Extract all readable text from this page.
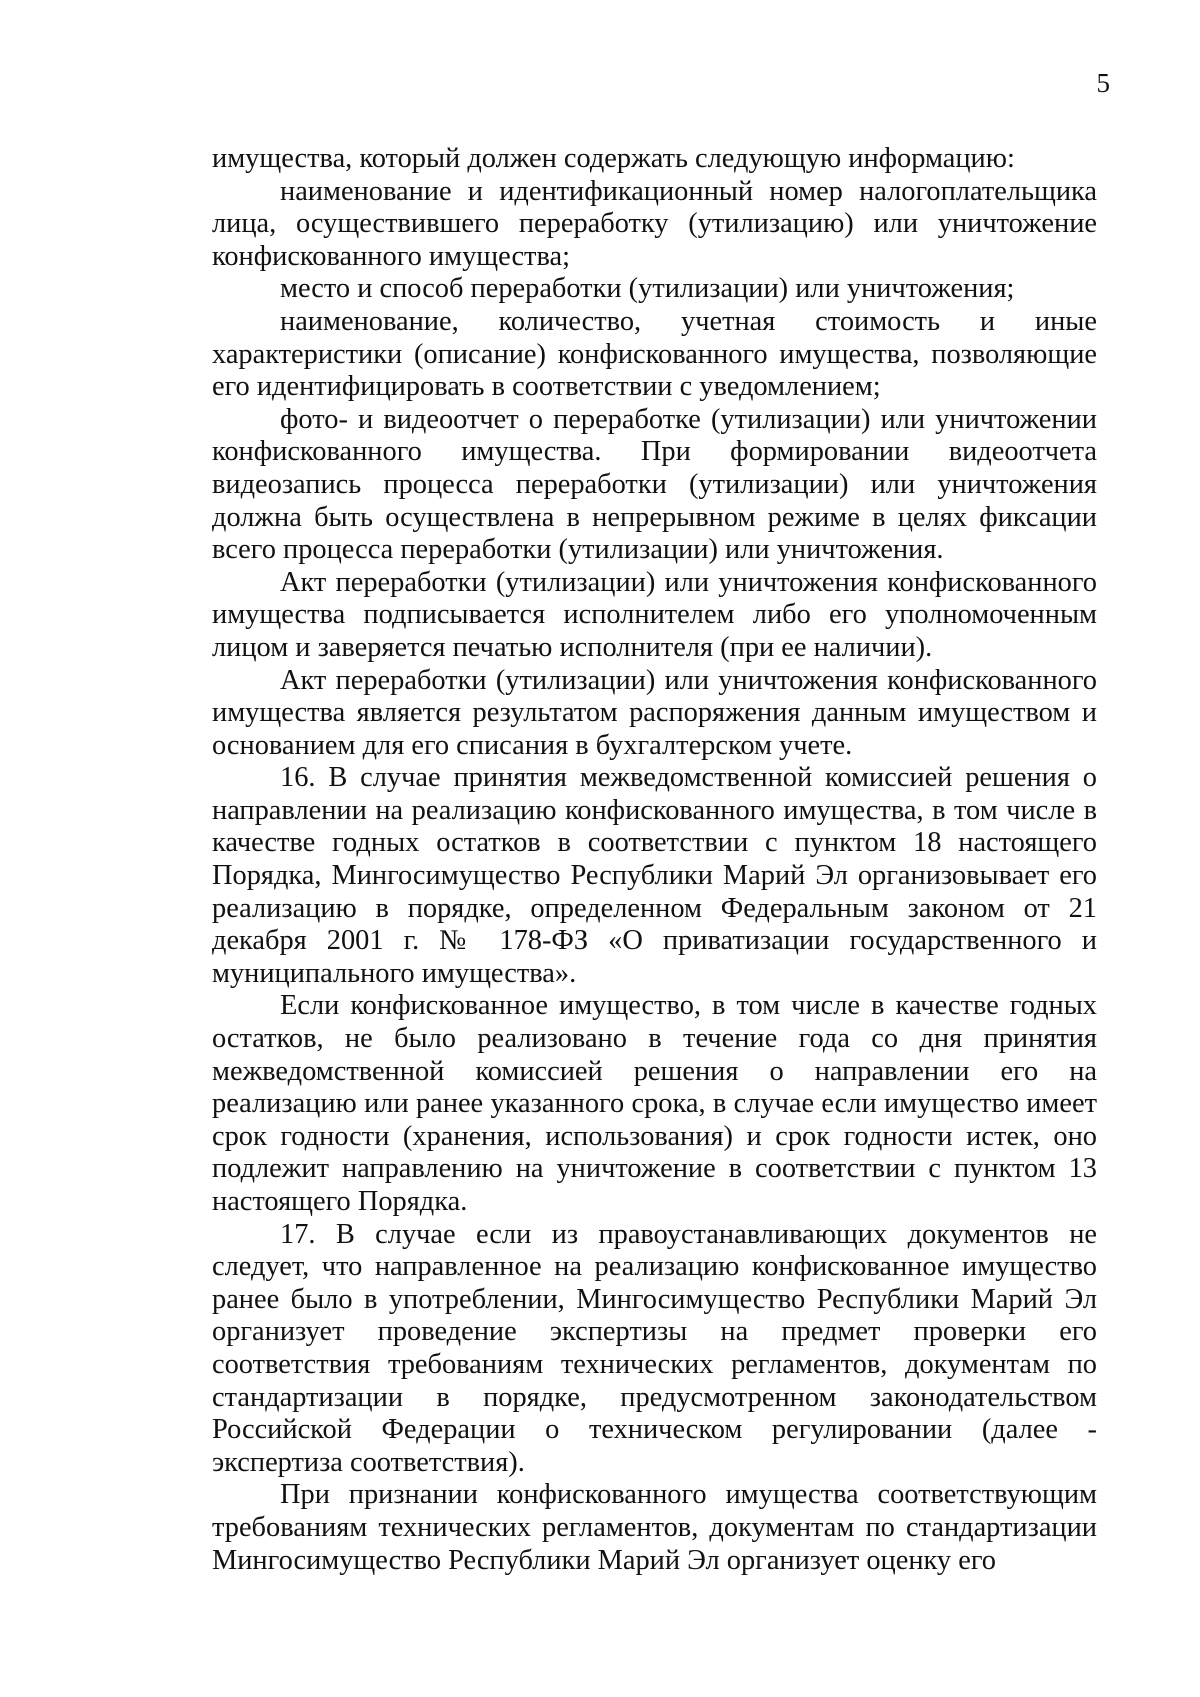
5

имущества, который должен содержать следующую информацию:

наименование и идентификационный номер налогоплательщика лица, осуществившего переработку (утилизацию) или уничтожение конфискованного имущества;

место и способ переработки (утилизации) или уничтожения;

наименование, количество, учетная стоимость и иные характеристики (описание) конфискованного имущества, позволяющие его идентифицировать в соответствии с уведомлением;

фото- и видеоотчет о переработке (утилизации) или уничтожении конфискованного имущества. При формировании видеоотчета видеозапись процесса переработки (утилизации) или уничтожения должна быть осуществлена в непрерывном режиме в целях фиксации всего процесса переработки (утилизации) или уничтожения.

Акт переработки (утилизации) или уничтожения конфискованного имущества подписывается исполнителем либо его уполномоченным лицом и заверяется печатью исполнителя (при ее наличии).

Акт переработки (утилизации) или уничтожения конфискованного имущества является результатом распоряжения данным имуществом и основанием для его списания в бухгалтерском учете.

16. В случае принятия межведомственной комиссией решения о направлении на реализацию конфискованного имущества, в том числе в качестве годных остатков в соответствии с пунктом 18 настоящего Порядка, Мингосимущество Республики Марий Эл организовывает его реализацию в порядке, определенном Федеральным законом от 21 декабря 2001 г. № 178-ФЗ «О приватизации государственного и муниципального имущества».

Если конфискованное имущество, в том числе в качестве годных остатков, не было реализовано в течение года со дня принятия межведомственной комиссией решения о направлении его на реализацию или ранее указанного срока, в случае если имущество имеет срок годности (хранения, использования) и срок годности истек, оно подлежит направлению на уничтожение в соответствии с пунктом 13 настоящего Порядка.

17. В случае если из правоустанавливающих документов не следует, что направленное на реализацию конфискованное имущество ранее было в употреблении, Мингосимущество Республики Марий Эл организует проведение экспертизы на предмет проверки его соответствия требованиям технических регламентов, документам по стандартизации в порядке, предусмотренном законодательством Российской Федерации о техническом регулировании (далее - экспертиза соответствия).

При признании конфискованного имущества соответствующим требованиям технических регламентов, документам по стандартизации Мингосимущество Республики Марий Эл организует оценку его
